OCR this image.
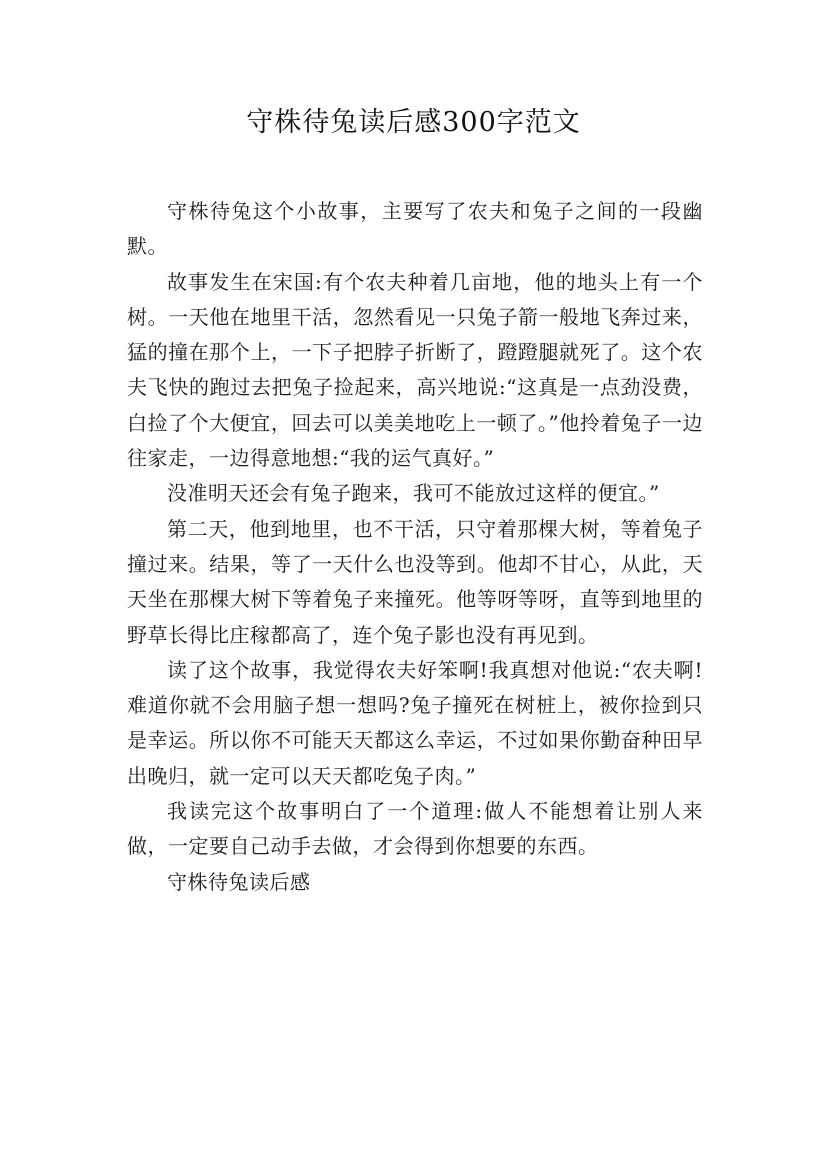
守株待兔读后感300字范文

守株待兔这个小故事，主要写了农夫和兔子之间的一段幽默。

故事发生在宋国:有个农夫种着几亩地，他的地头上有一个树。一天他在地里干活，忽然看见一只兔子箭一般地飞奔过来，猛的撞在那个上，一下子把脖子折断了，蹬蹬腿就死了。这个农夫飞快的跑过去把兔子捡起来，高兴地说:“这真是一点劲没费，白捡了个大便宜，回去可以美美地吃上一顿了。”他拎着兔子一边往家走，一边得意地想:“我的运气真好。”

没准明天还会有兔子跑来，我可不能放过这样的便宜。”

第二天，他到地里，也不干活，只守着那棵大树，等着兔子撞过来。结果，等了一天什么也没等到。他却不甘心，从此，天天坐在那棵大树下等着兔子来撞死。他等呀等呀，直等到地里的野草长得比庄稼都高了，连个兔子影也没有再见到。

读了这个故事，我觉得农夫好笨啊!我真想对他说:“农夫啊!难道你就不会用脑子想一想吗?兔子撞死在树桩上，被你捡到只是幸运。所以你不可能天天都这么幸运，不过如果你勤奋种田早出晚归，就一定可以天天都吃兔子肉。”

我读完这个故事明白了一个道理:做人不能想着让别人来做，一定要自己动手去做，才会得到你想要的东西。

守株待兔读后感
